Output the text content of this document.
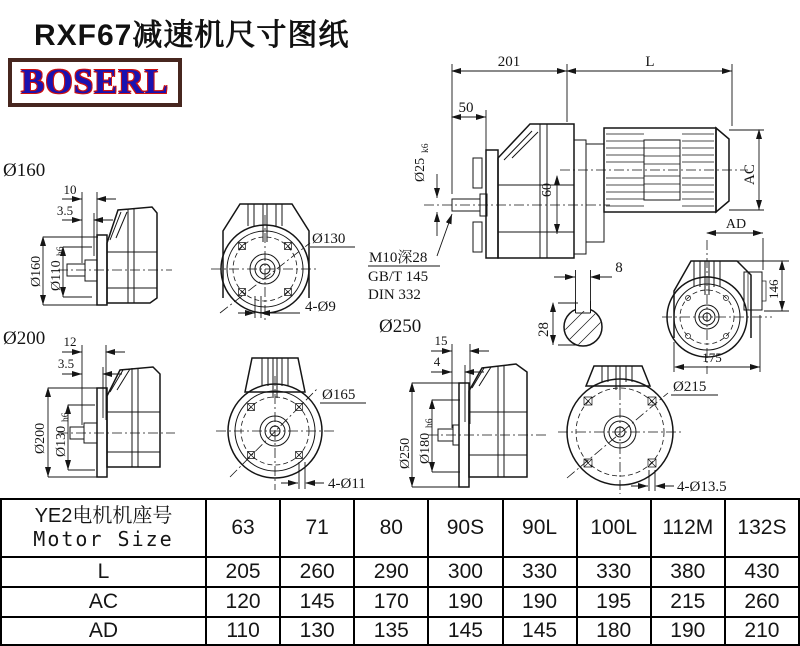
RXF67减速机尺寸图纸
BOSERL	201	L
50
Ø25
k6
60
AC
AD
M10深28
GB/T 145
DIN 332
8
28
Ø160
10
3.5
Ø160 Ø110
h6
Ø130
4-Ø9
146
175
Ø200 12
3.5
Ø200 Ø130
h6
Ø165
4-Ø11
Ø250
15
4
Ø250 Ø180
h6
Ø215
4-Ø13.5
YE2电机机座号
Motor Size	63	71	80	90S	90L	100L	112M	132S
L	205	260	290	300	330	330	380	430
AC	120	145	170	190	190	195	215	260
AD	110	130	135	145	145	180	190	210
